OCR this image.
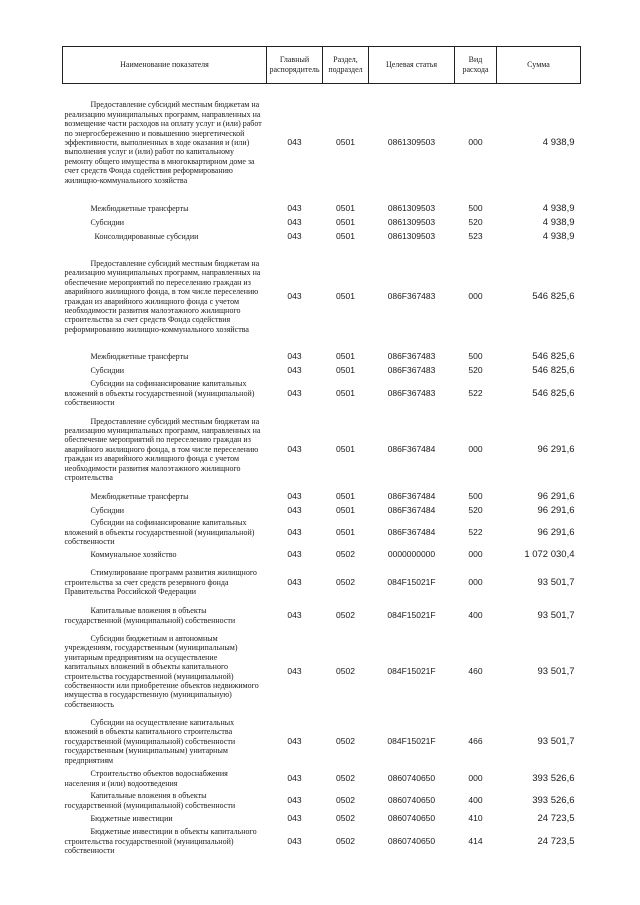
Наименование показателя	Главный распорядитель	Раздел, подраздел	Целевая статья	Вид расхода	Сумма
Предоставление субсидий местным бюджетам на реализацию муниципальных программ, направленных на возмещение части расходов на оплату услуг и (или) работ по энергосбережению и повышению энергетической эффективности, выполненных в ходе оказания и (или) выполнения услуг и (или) работ по капитальному ремонту общего имущества в многоквартирном доме за счет средств Фонда содействия реформированию жилищно-коммунального хозяйства	043	0501	0861309503	000	4 938,9
Межбюджетные трансферты	043	0501	0861309503	500	4 938,9
Субсидии	043	0501	0861309503	520	4 938,9
Консолидированные субсидии	043	0501	0861309503	523	4 938,9
Предоставление субсидий местным бюджетам на реализацию муниципальных программ, направленных на обеспечение мероприятий по переселению граждан из аварийного жилищного фонда, в том числе переселению граждан из аварийного жилищного фонда с учетом необходимости развития малоэтажного жилищного строительства за счет средств Фонда содействия реформированию жилищно-коммунального хозяйства	043	0501	086F367483	000	546 825,6
Межбюджетные трансферты	043	0501	086F367483	500	546 825,6
Субсидии	043	0501	086F367483	520	546 825,6
Субсидии на софинансирование капитальных вложений в объекты государственной (муниципальной) собственности	043	0501	086F367483	522	546 825,6
Предоставление субсидий местным бюджетам на реализацию муниципальных программ, направленных на обеспечение мероприятий по переселению граждан из аварийного жилищного фонда, в том числе переселению граждан из аварийного жилищного фонда с учетом необходимости развития малоэтажного жилищного строительства	043	0501	086F367484	000	96 291,6
Межбюджетные трансферты	043	0501	086F367484	500	96 291,6
Субсидии	043	0501	086F367484	520	96 291,6
Субсидии на софинансирование капитальных вложений в объекты государственной (муниципальной) собственности	043	0501	086F367484	522	96 291,6
Коммунальное хозяйство	043	0502	0000000000	000	1 072 030,4
Стимулирование программ развития жилищного строительства за счет средств резервного фонда Правительства Российской Федерации	043	0502	084F15021F	000	93 501,7
Капитальные вложения в объекты государственной (муниципальной) собственности	043	0502	084F15021F	400	93 501,7
Субсидии бюджетным и автономным учреждениям, государственным (муниципальным) унитарным предприятиям на осуществление капитальных вложений в объекты капитального строительства государственной (муниципальной) собственности или приобретение объектов недвижимого имущества в государственную (муниципальную) собственность	043	0502	084F15021F	460	93 501,7
Субсидии на осуществление капитальных вложений в объекты капитального строительства государственной (муниципальной) собственности государственным (муниципальным) унитарным предприятиям	043	0502	084F15021F	466	93 501,7
Строительство объектов водоснабжения населения и (или) водоотведения	043	0502	0860740650	000	393 526,6
Капитальные вложения в объекты государственной (муниципальной) собственности	043	0502	0860740650	400	393 526,6
Бюджетные инвестиции	043	0502	0860740650	410	24 723,5
Бюджетные инвестиции в объекты капитального строительства государственной (муниципальной) собственности	043	0502	0860740650	414	24 723,5
